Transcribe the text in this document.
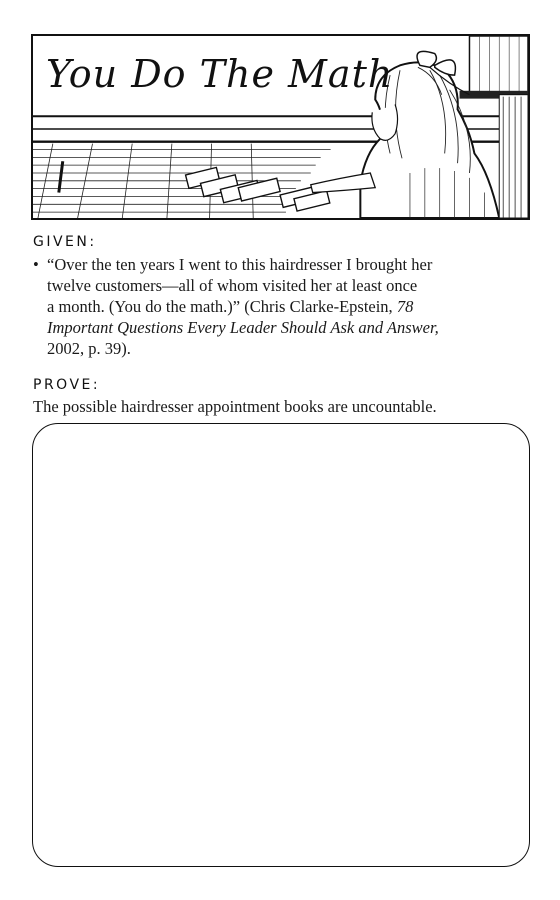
You Do The Math
GIVEN:
• “Over the ten years I went to this hairdresser I brought her
twelve customers—all of whom visited her at least once
a month. (You do the math.)” (Chris Clarke-Epstein, 78
Important Questions Every Leader Should Ask and Answer,
2002, p. 39).
PROVE:
The possible hairdresser appointment books are uncountable.
